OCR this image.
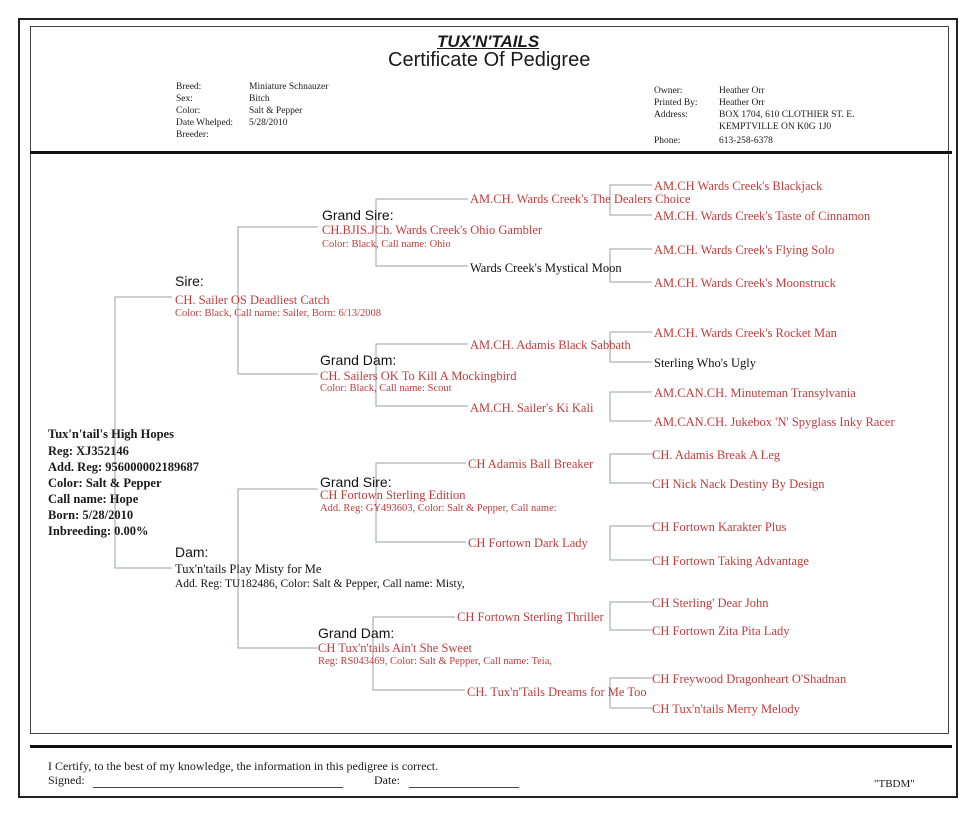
TUX'N'TAILS
Certificate Of Pedigree
Breed:	Miniature Schnauzer
Sex:	Bitch
Color:	Salt & Pepper
Date Whelped: 5/28/2010
Breeder:
Owner:	Heather Orr
Printed By: Heather Orr
Address:	BOX 1704, 610 CLOTHIER ST. E.
KEMPTVILLE ON K0G 1J0
Phone:	613-258-6378
Tux'n'tail's High Hopes
Reg: XJ352146
Add. Reg: 956000002189687
Color: Salt & Pepper
Call name: Hope
Born: 5/28/2010
Inbreeding: 0.00%
Sire:
CH. Sailer OS Deadliest Catch
Color: Black, Call name: Sailer, Born: 6/13/2008
Grand Sire:
CH.BJIS.JCh. Wards Creek's Ohio Gambler
Color: Black, Call name: Ohio
AM.CH. Wards Creek's The Dealers Choice
Wards Creek's Mystical Moon
AM.CH Wards Creek's Blackjack
AM.CH. Wards Creek's Taste of Cinnamon
AM.CH. Wards Creek's Flying Solo
AM.CH. Wards Creek's Moonstruck
Grand Dam:
CH. Sailers OK To Kill A Mockingbird
Color: Black, Call name: Scout
AM.CH. Adamis Black Sabbath
AM.CH. Sailer's Ki Kali
AM.CH. Wards Creek's Rocket Man
Sterling Who's Ugly
AM.CAN.CH. Minuteman Transylvania
AM.CAN.CH. Jukebox 'N' Spyglass Inky Racer
Dam:
Tux'n'tails Play Misty for Me
Add. Reg: TU182486, Color: Salt & Pepper, Call name: Misty,
Grand Sire:
CH Fortown Sterling Edition
Add. Reg: GY493603, Color: Salt & Pepper, Call name:
CH Adamis Ball Breaker
CH Fortown Dark Lady
CH. Adamis Break A Leg
CH Nick Nack Destiny By Design
CH Fortown Karakter Plus
CH Fortown Taking Advantage
Grand Dam:
CH Tux'n'tails Ain't She Sweet
Reg: RS043469, Color: Salt & Pepper, Call name: Teia,
CH Fortown Sterling Thriller
CH. Tux'n'Tails Dreams for Me Too
CH Sterling' Dear John
CH Fortown Zita Pita Lady
CH Freywood Dragonheart O'Shadnan
CH Tux'n'tails Merry Melody
I Certify, to the best of my knowledge, the information in this pedigree is correct.
Signed:	Date:	"TBDM"
